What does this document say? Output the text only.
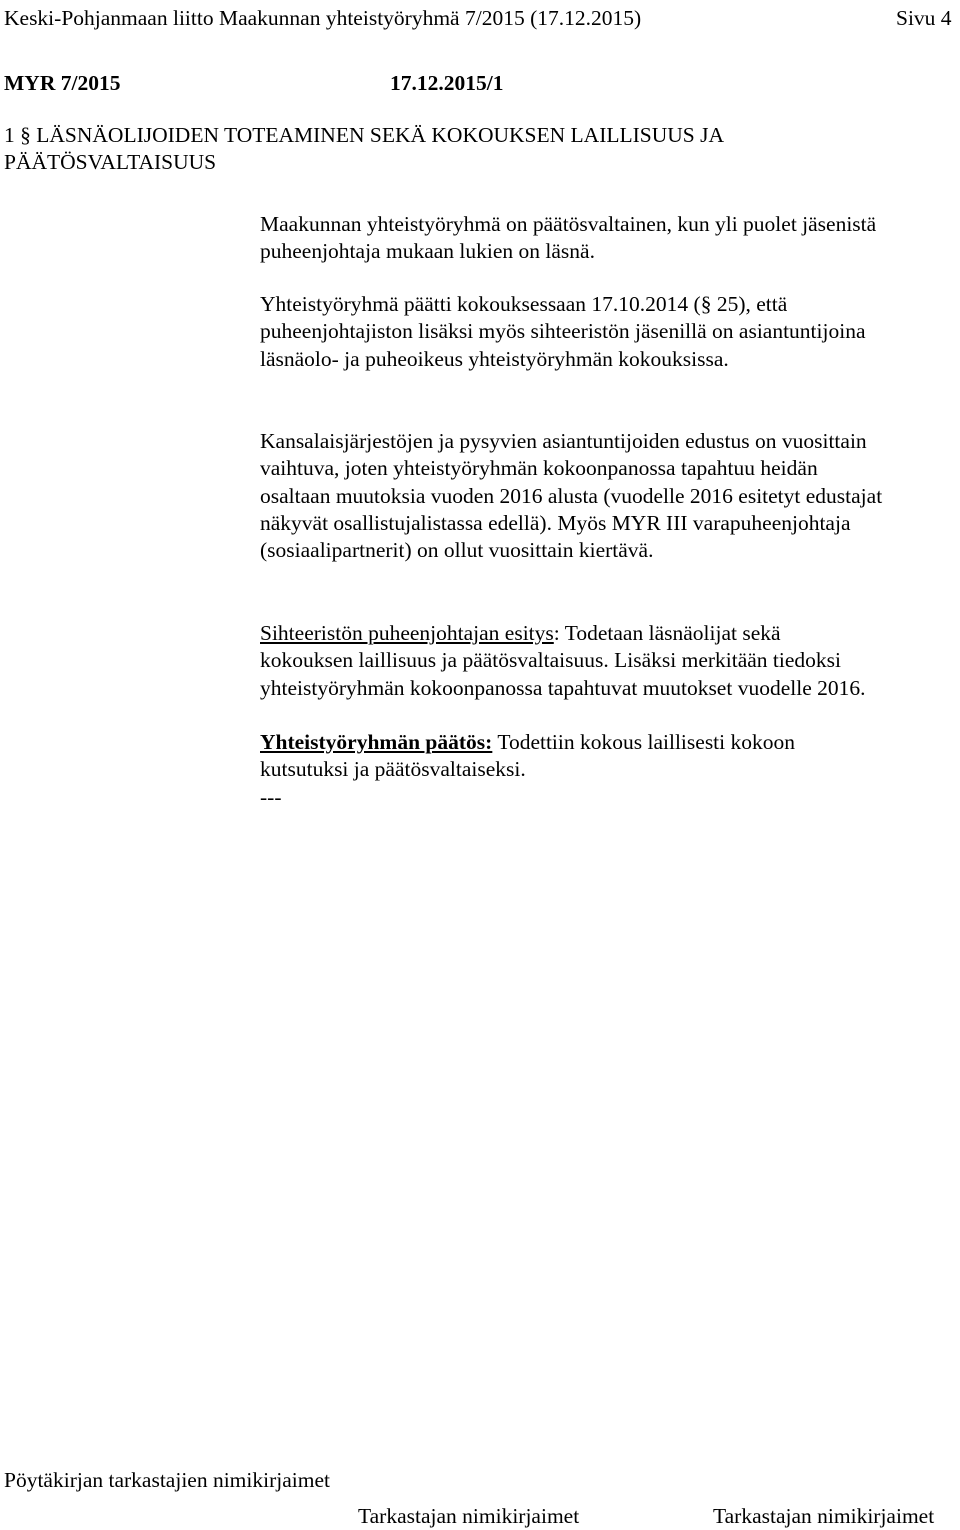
Keski-Pohjanmaan liitto Maakunnan yhteistyöryhmä 7/2015 (17.12.2015)	Sivu 4
MYR 7/2015	17.12.2015/1
1 § LÄSNÄOLIJOIDEN TOTEAMINEN SEKÄ KOKOUKSEN LAILLISUUS JA
PÄÄTÖSVALTAISUUS
Maakunnan yhteistyöryhmä on päätösvaltainen, kun yli puolet jäsenistä
puheenjohtaja mukaan lukien on läsnä.
Yhteistyöryhmä päätti kokouksessaan 17.10.2014 (§ 25), että
puheenjohtajiston lisäksi myös sihteeristön jäsenillä on asiantuntijoina
läsnäolo- ja puheoikeus yhteistyöryhmän kokouksissa.
Kansalaisjärjestöjen ja pysyvien asiantuntijoiden edustus on vuosittain
vaihtuva, joten yhteistyöryhmän kokoonpanossa tapahtuu heidän
osaltaan muutoksia vuoden 2016 alusta (vuodelle 2016 esitetyt edustajat
näkyvät osallistujalistassa edellä). Myös MYR III varapuheenjohtaja
(sosiaalipartnerit) on ollut vuosittain kiertävä.
Sihteeristön puheenjohtajan esitys: Todetaan läsnäolijat sekä
kokouksen laillisuus ja päätösvaltaisuus. Lisäksi merkitään tiedoksi
yhteistyöryhmän kokoonpanossa tapahtuvat muutokset vuodelle 2016.
Yhteistyöryhmän päätös: Todettiin kokous laillisesti kokoon
kutsutuksi ja päätösvaltaiseksi.
---
Pöytäkirjan tarkastajien nimikirjaimet
Tarkastajan nimikirjaimet	Tarkastajan nimikirjaimet
